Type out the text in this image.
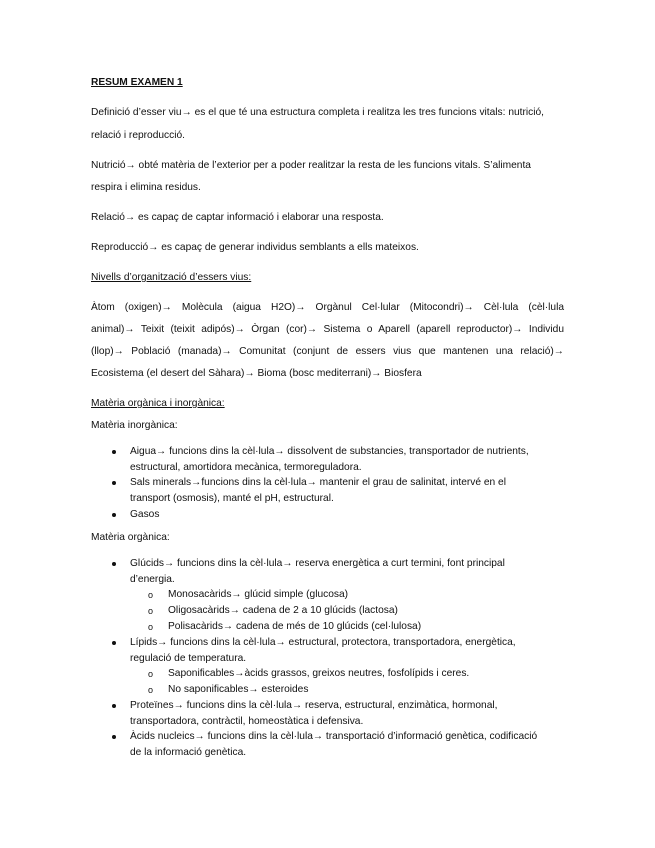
RESUM EXAMEN 1
Definició d’esser viu→ es el que té una estructura completa i realitza les tres funcions vitals: nutrició,
relació i reproducció.
Nutrició→ obté matèria de l’exterior per a poder realitzar la resta de les funcions vitals. S’alimenta
respira i elimina residus.
Relació→ es capaç de captar informació i elaborar una resposta.
Reproducció→ es capaç de generar individus semblants a ells mateixos.
Nivells d’organització d’essers vius:
Àtom (oxigen)→ Molècula (aigua H2O)→ Orgànul Cel·lular (Mitocondri)→ Cèl·lula (cèl·lula
animal)→ Teixit (teixit adipós)→ Òrgan (cor)→ Sistema o Aparell (aparell reproductor)→ Individu
(llop)→ Població (manada)→ Comunitat (conjunt de essers vius que mantenen una relació)→
Ecosistema (el desert del Sàhara)→ Bioma (bosc mediterrani)→ Biosfera
Matèria orgànica i inorgànica:
Matèria inorgànica:
Aigua→ funcions dins la cèl·lula→ dissolvent de substancies, transportador de nutrients,
estructural, amortidora mecànica, termoreguladora.
Sals minerals→funcions dins la cèl·lula→ mantenir el grau de salinitat, intervé en el
transport (osmosis), manté el pH, estructural.
Gasos
Matèria orgànica:
Glúcids→ funcions dins la cèl·lula→ reserva energètica a curt termini, font principal
d’energia.
o Monosacàrids→ glúcid simple (glucosa)
o Oligosacàrids→ cadena de 2 a 10 glúcids (lactosa)
o Polisacàrids→ cadena de més de 10 glúcids (cel·lulosa)
Lípids→ funcions dins la cèl·lula→ estructural, protectora, transportadora, energètica,
regulació de temperatura.
o Saponificables→àcids grassos, greixos neutres, fosfolípids i ceres.
o No saponificables→ esteroides
Proteïnes→ funcions dins la cèl·lula→ reserva, estructural, enzimàtica, hormonal,
transportadora, contràctil, homeostàtica i defensiva.
Àcids nucleics→ funcions dins la cèl·lula→ transportació d’informació genètica, codificació
de la informació genètica.
